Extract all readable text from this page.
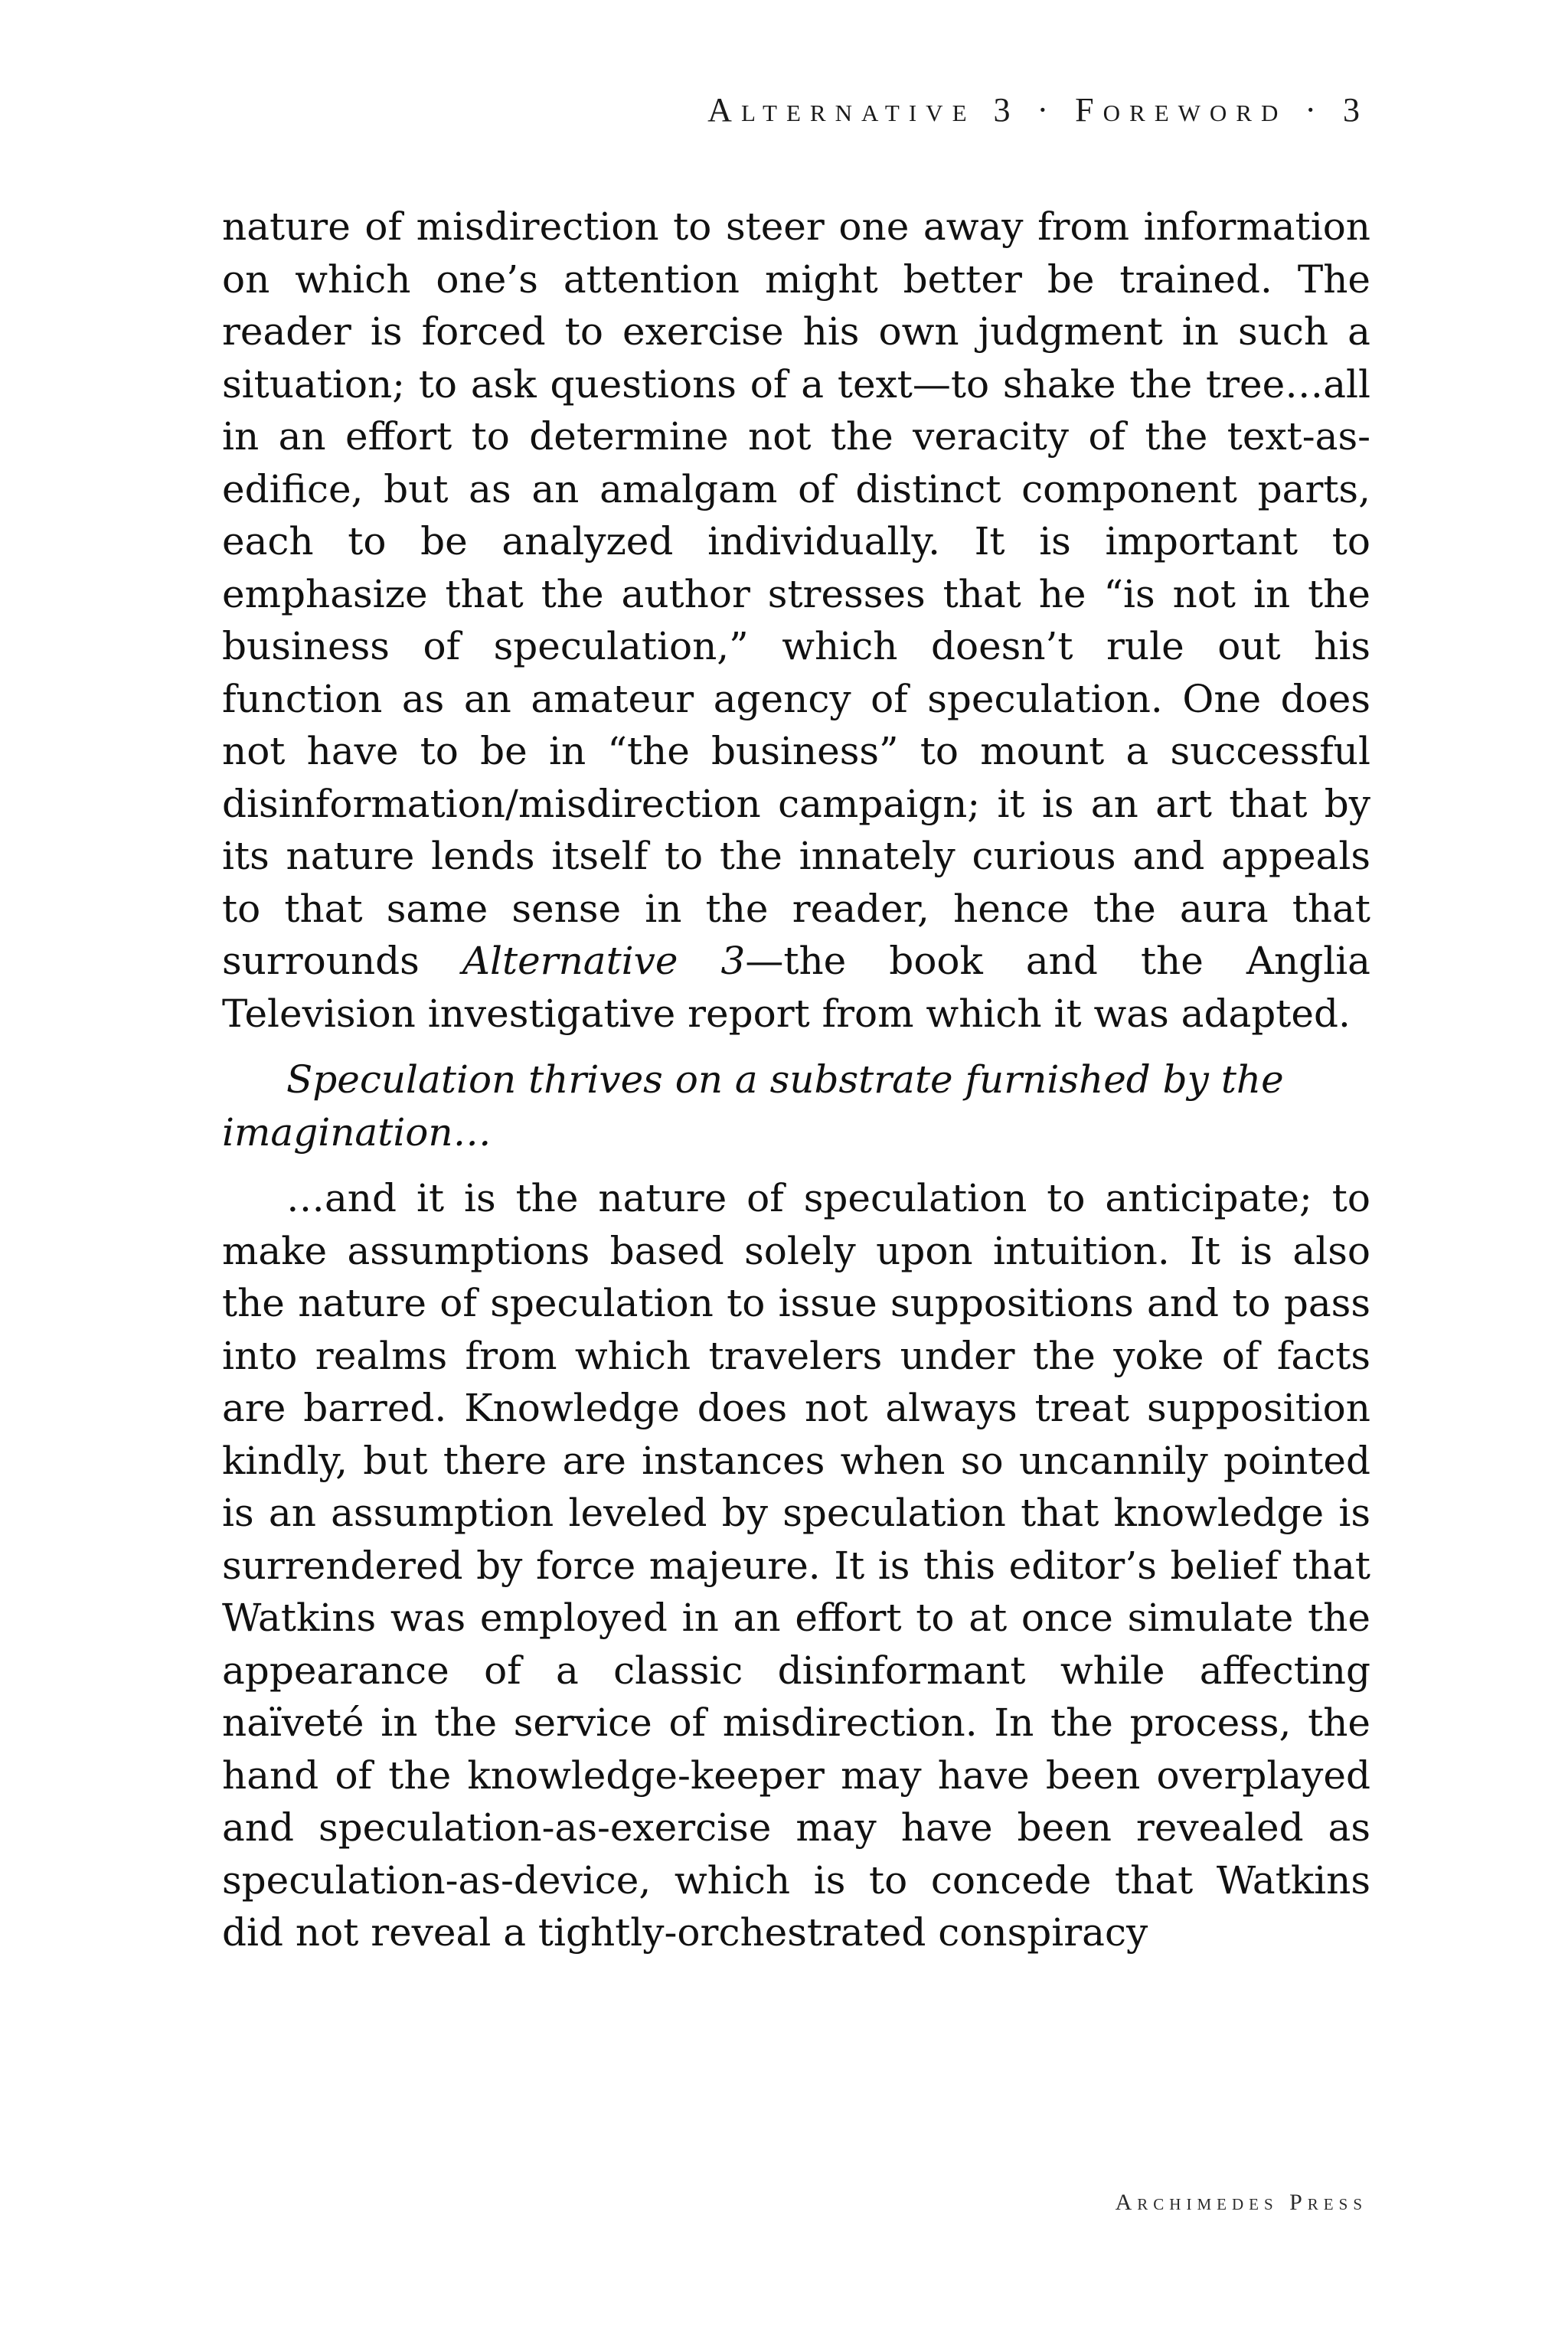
Alternative 3 · Foreword · 3

nature of misdirection to steer one away from information on which one’s attention might better be trained. The reader is forced to exercise his own judgment in such a situation; to ask questions of a text—to shake the tree…all in an effort to determine not the veracity of the text-as-edifice, but as an amalgam of distinct component parts, each to be analyzed individually. It is important to emphasize that the author stresses that he “is not in the business of speculation,” which doesn’t rule out his function as an amateur agency of speculation. One does not have to be in “the business” to mount a successful disinformation/misdirection campaign; it is an art that by its nature lends itself to the innately curious and appeals to that same sense in the reader, hence the aura that surrounds Alternative 3—the book and the Anglia Television investigative report from which it was adapted.

Speculation thrives on a substrate furnished by the imagination…

…and it is the nature of speculation to anticipate; to make assumptions based solely upon intuition. It is also the nature of speculation to issue suppositions and to pass into realms from which travelers under the yoke of facts are barred. Knowledge does not always treat supposition kindly, but there are instances when so uncannily pointed is an assumption leveled by speculation that knowledge is surrendered by force majeure. It is this editor’s belief that Watkins was employed in an effort to at once simulate the appearance of a classic disinformant while affecting naïveté in the service of misdirection. In the process, the hand of the knowledge-keeper may have been overplayed and speculation-as-exercise may have been revealed as speculation-as-device, which is to concede that Watkins did not reveal a tightly-orchestrated conspiracy

Archimedes Press
